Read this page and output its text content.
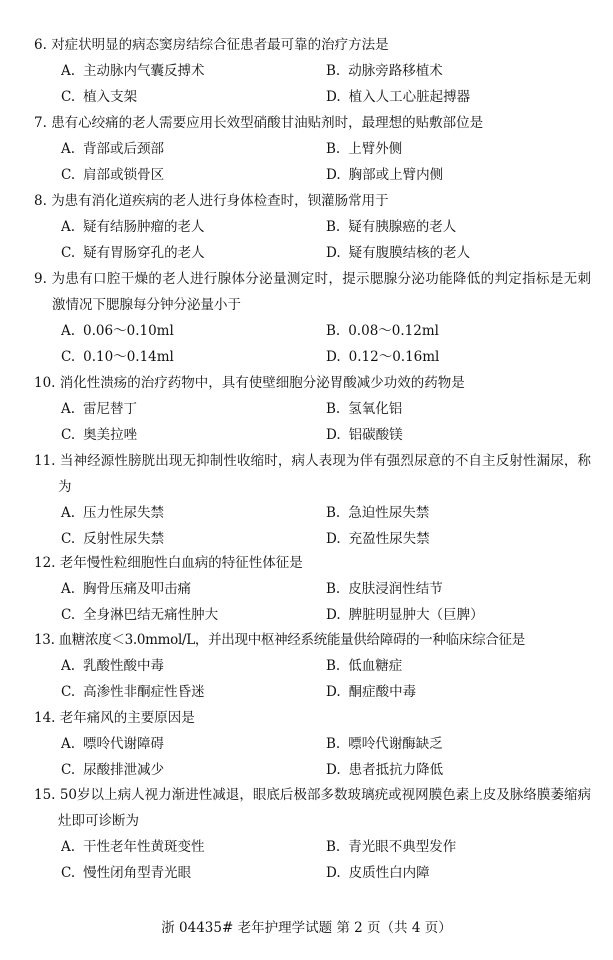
6. 对症状明显的病态窦房结综合征患者最可靠的治疗方法是
A. 主动脉内气囊反搏术	B. 动脉旁路移植术
C. 植入支架	D. 植入人工心脏起搏器
7. 患有心绞痛的老人需要应用长效型硝酸甘油贴剂时，最理想的贴敷部位是
A. 背部或后颈部	B. 上臂外侧
C. 肩部或锁骨区	D. 胸部或上臂内侧
8. 为患有消化道疾病的老人进行身体检查时，钡灌肠常用于
A. 疑有结肠肿瘤的老人	B. 疑有胰腺癌的老人
C. 疑有胃肠穿孔的老人	D. 疑有腹膜结核的老人
9. 为患有口腔干燥的老人进行腺体分泌量测定时，提示腮腺分泌功能降低的判定指标是无刺激情况下腮腺每分钟分泌量小于
A. 0.06～0.10ml	B. 0.08～0.12ml
C. 0.10～0.14ml	D. 0.12～0.16ml
10. 消化性溃疡的治疗药物中，具有使壁细胞分泌胃酸减少功效的药物是
A. 雷尼替丁	B. 氢氧化铝
C. 奥美拉唑	D. 铝碳酸镁
11. 当神经源性膀胱出现无抑制性收缩时，病人表现为伴有强烈尿意的不自主反射性漏尿，称为
A. 压力性尿失禁	B. 急迫性尿失禁
C. 反射性尿失禁	D. 充盈性尿失禁
12. 老年慢性粒细胞性白血病的特征性体征是
A. 胸骨压痛及叩击痛	B. 皮肤浸润性结节
C. 全身淋巴结无痛性肿大	D. 脾脏明显肿大（巨脾）
13. 血糖浓度＜3.0mmol/L，并出现中枢神经系统能量供给障碍的一种临床综合征是
A. 乳酸性酸中毒	B. 低血糖症
C. 高渗性非酮症性昏迷	D. 酮症酸中毒
14. 老年痛风的主要原因是
A. 嘌呤代谢障碍	B. 嘌呤代谢酶缺乏
C. 尿酸排泄减少	D. 患者抵抗力降低
15. 50岁以上病人视力渐进性减退，眼底后极部多数玻璃疣或视网膜色素上皮及脉络膜萎缩病灶即可诊断为
A. 干性老年性黄斑变性	B. 青光眼不典型发作
C. 慢性闭角型青光眼	D. 皮质性白内障
浙 04435# 老年护理学试题 第 2 页（共 4 页）
